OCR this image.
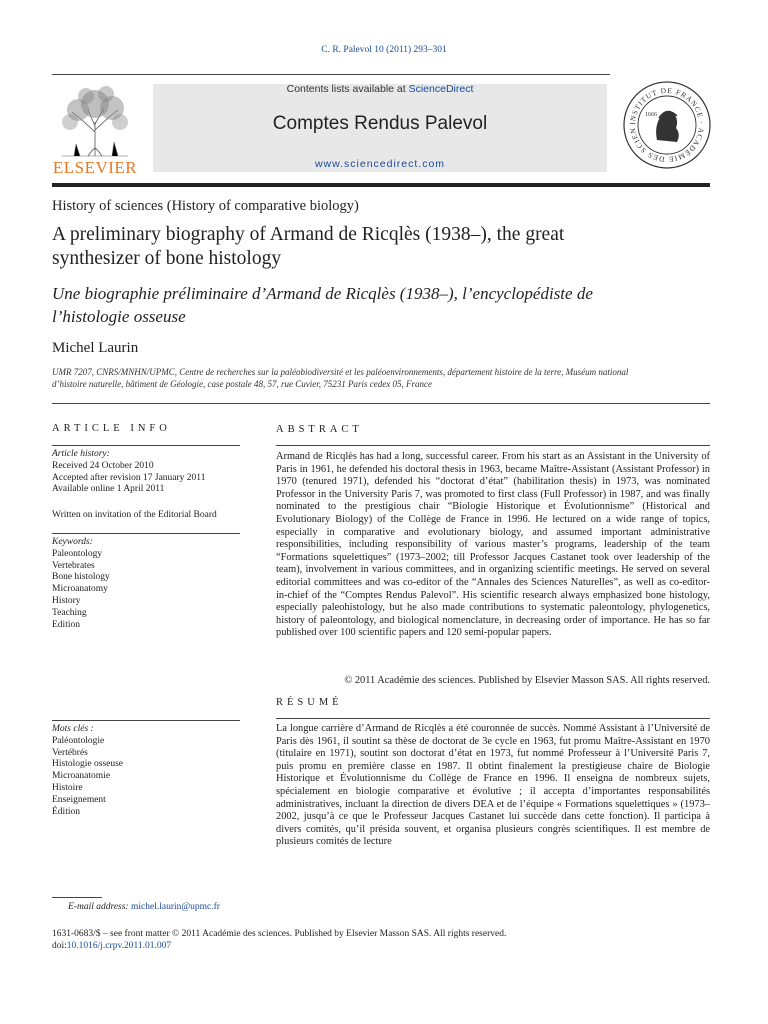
C. R. Palevol 10 (2011) 293–301
ELSEVIER
Contents lists available at ScienceDirect
Comptes Rendus Palevol
www.sciencedirect.com
INSTITUT DE FRANCE · ACADÉMIE DES SCIEN
1666
History of sciences (History of comparative biology)
A preliminary biography of Armand de Ricqlès (1938–), the great
synthesizer of bone histology
Une biographie préliminaire d’Armand de Ricqlès (1938–), l’encyclopédiste de
l’histologie osseuse
Michel Laurin
UMR 7207, CNRS/MNHN/UPMC, Centre de recherches sur la paléobiodiversité et les paléoenvironnements, département histoire de la terre, Muséum national
d’histoire naturelle, bâtiment de Géologie, case postale 48, 57, rue Cuvier, 75231 Paris cedex 05, France
ARTICLE INFO
Article history:
Received 24 October 2010
Accepted after revision 17 January 2011
Available online 1 April 2011
Written on invitation of the Editorial Board
Keywords:
Paleontology
Vertebrates
Bone histology
Microanatomy
History
Teaching
Edition
Mots clés :
Paléontologie
Vertébrés
Histologie osseuse
Microanatomie
Histoire
Enseignement
Édition
ABSTRACT
Armand de Ricqlès has had a long, successful career. From his start as an Assistant in the University of Paris in 1961, he defended his doctoral thesis in 1963, became Maître-Assistant (Assistant Professor) in 1970 (tenured 1971), defended his “doctorat d’état” (habilitation thesis) in 1973, was nominated Professor in the University Paris 7, was promoted to first class (Full Professor) in 1987, and was finally nominated to the prestigious chair “Biologie Historique et Évolutionnisme” (Historical and Evolutionary Biology) of the Collège de France in 1996. He lectured on a wide range of topics, especially in comparative and evolutionary biology, and assumed important administrative responsibilities, including responsibility of various master’s programs, leadership of the team “Formations squelettiques” (1973–2002; till Professor Jacques Castanet took over leadership of the team), involvement in various committees, and in organizing scientific meetings. He served on several editorial committees and was co-editor of the “Annales des Sciences Naturelles”, as well as co-editor-in-chief of the “Comptes Rendus Palevol”. His scientific research always emphasized bone histology, especially paleohistology, but he also made contributions to systematic paleontology, phylogenetics, history of paleontology, and biological nomenclature, in decreasing order of importance. He has so far published over 100 scientific papers and 120 semi-popular papers.
© 2011 Académie des sciences. Published by Elsevier Masson SAS. All rights reserved.
RÉSUMÉ
La longue carrière d’Armand de Ricqlès a été couronnée de succès. Nommé Assistant à l’Université de Paris dès 1961, il soutint sa thèse de doctorat de 3e cycle en 1963, fut promu Maître-Assistant en 1970 (titulaire en 1971), soutint son doctorat d’état en 1973, fut nommé Professeur à l’Université Paris 7, puis promu en première classe en 1987. Il obtint finalement la prestigieuse chaire de Biologie Historique et Évolutionnisme du Collège de France en 1996. Il enseigna de nombreux sujets, spécialement en biologie comparative et évolutive ; il accepta d’importantes responsabilités administratives, incluant la direction de divers DEA et de l’équipe « Formations squelettiques » (1973–2002, jusqu’à ce que le Professeur Jacques Castanet lui succède dans cette fonction). Il participa à divers comités, qu’il présida souvent, et organisa plusieurs congrès scientifiques. Il est membre de plusieurs comités de lecture
E-mail address: michel.laurin@upmc.fr
1631-0683/$ – see front matter © 2011 Académie des sciences. Published by Elsevier Masson SAS. All rights reserved.
doi:10.1016/j.crpv.2011.01.007
